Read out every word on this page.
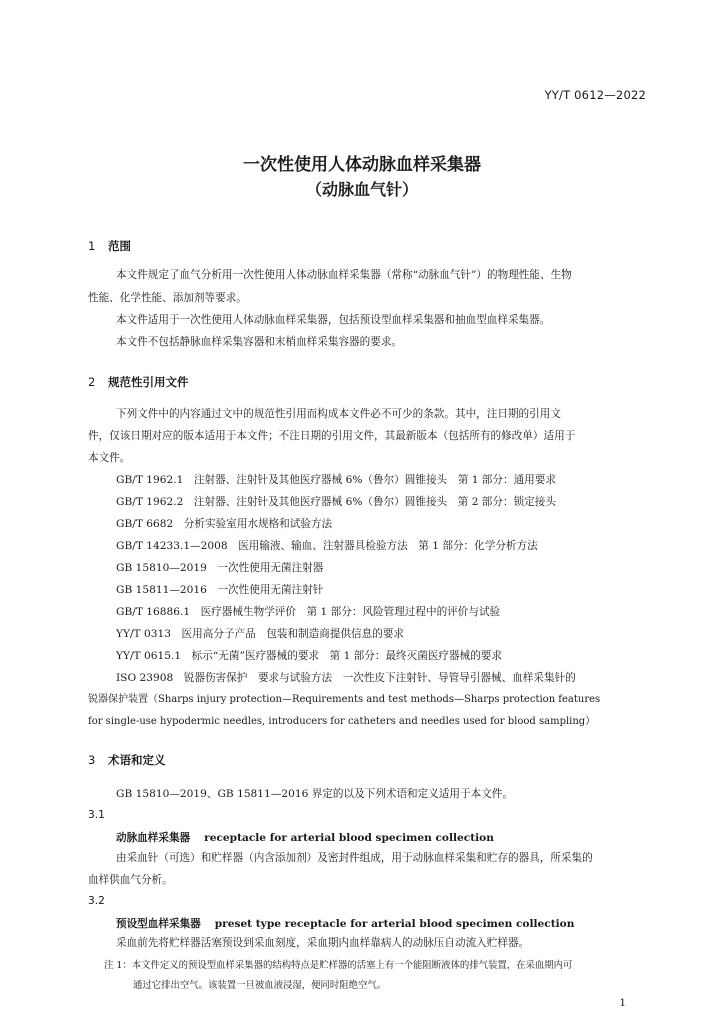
YY/T 0612—2022
一次性使用人体动脉血样采集器
（动脉血气针）
1 范围
本文件规定了血气分析用一次性使用人体动脉血样采集器（常称“动脉血气针”）的物理性能、生物
性能、化学性能、添加剂等要求。
本文件适用于一次性使用人体动脉血样采集器，包括预设型血样采集器和抽血型血样采集器。
本文件不包括静脉血样采集容器和末梢血样采集容器的要求。
2 规范性引用文件
下列文件中的内容通过文中的规范性引用而构成本文件必不可少的条款。其中，注日期的引用文
件，仅该日期对应的版本适用于本文件；不注日期的引用文件，其最新版本（包括所有的修改单）适用于
本文件。
GB/T 1962.1　注射器、注射针及其他医疗器械 6%（鲁尔）圆锥接头　第 1 部分：通用要求
GB/T 1962.2　注射器、注射针及其他医疗器械 6%（鲁尔）圆锥接头　第 2 部分：锁定接头
GB/T 6682　分析实验室用水规格和试验方法
GB/T 14233.1—2008　医用输液、输血、注射器具检验方法　第 1 部分：化学分析方法
GB 15810—2019　一次性使用无菌注射器
GB 15811—2016　一次性使用无菌注射针
GB/T 16886.1　医疗器械生物学评价　第 1 部分：风险管理过程中的评价与试验
YY/T 0313　医用高分子产品　包装和制造商提供信息的要求
YY/T 0615.1　标示“无菌”医疗器械的要求　第 1 部分：最终灭菌医疗器械的要求
ISO 23908　锐器伤害保护　要求与试验方法　一次性皮下注射针、导管导引器械、血样采集针的
锐器保护装置（Sharps injury protection—Requirements and test methods—Sharps protection features
for single-use hypodermic needles, introducers for catheters and needles used for blood sampling）
3 术语和定义
GB 15810—2019、GB 15811—2016 界定的以及下列术语和定义适用于本文件。
3.1
动脉血样采集器 receptacle for arterial blood specimen collection
由采血针（可选）和贮样器（内含添加剂）及密封件组成，用于动脉血样采集和贮存的器具，所采集的
血样供血气分析。
3.2
预设型血样采集器 preset type receptacle for arterial blood specimen collection
采血前先将贮样器活塞预设到采血刻度，采血期内血样靠病人的动脉压自动流入贮样器。
注 1：本文件定义的预设型血样采集器的结构特点是贮样器的活塞上有一个能阻断液体的排气装置，在采血期内可
通过它排出空气。该装置一旦被血液浸湿，便同时阻绝空气。
1
